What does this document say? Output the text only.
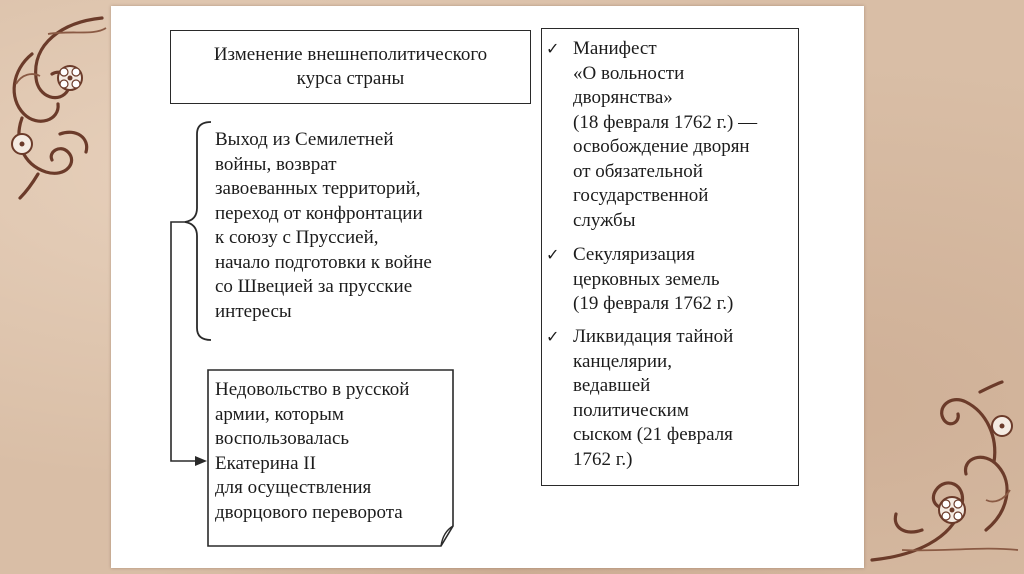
Изменение внешнеполитического
курса страны
Выход из Семилетней
войны, возврат
завоеванных территорий,
переход от конфронтации
к союзу с Пруссией,
начало подготовки к войне
со Швецией за прусские
интересы
Недовольство в русской
армии, которым
воспользовалась
Екатерина II
для осуществления
дворцового переворота
✓ Манифест
«О вольности
дворянства»
(18 февраля 1762 г.) —
освобождение дворян
от обязательной
государственной
службы
✓ Секуляризация
церковных земель
(19 февраля 1762 г.)
✓ Ликвидация тайной
канцелярии,
ведавшей
политическим
сыском (21 февраля
1762 г.)
